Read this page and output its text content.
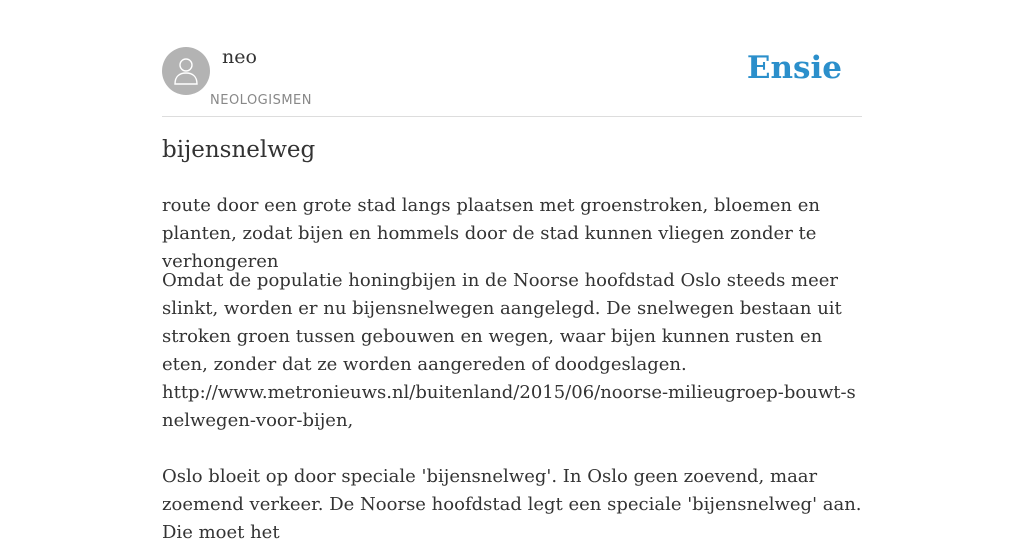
neo
NEOLOGISMEN
Ensie
bijensnelweg

route door een grote stad langs plaatsen met groenstroken, bloemen en planten, zodat bijen en hommels door de stad kunnen vliegen zonder te verhongeren

Omdat de populatie honingbijen in de Noorse hoofdstad Oslo steeds meer slinkt, worden er nu bijensnelwegen aangelegd. De snelwegen bestaan uit stroken groen tussen gebouwen en wegen, waar bijen kunnen rusten en eten, zonder dat ze worden aangereden of doodgeslagen.

http://www.metronieuws.nl/buitenland/2015/06/noorse-milieugroep-bouwt-snelwegen-voor-bijen,

Oslo bloeit op door speciale 'bijensnelweg'. In Oslo geen zoevend, maar zoemend verkeer. De Noorse hoofdstad legt een speciale 'bijensnelweg' aan. Die moet het
